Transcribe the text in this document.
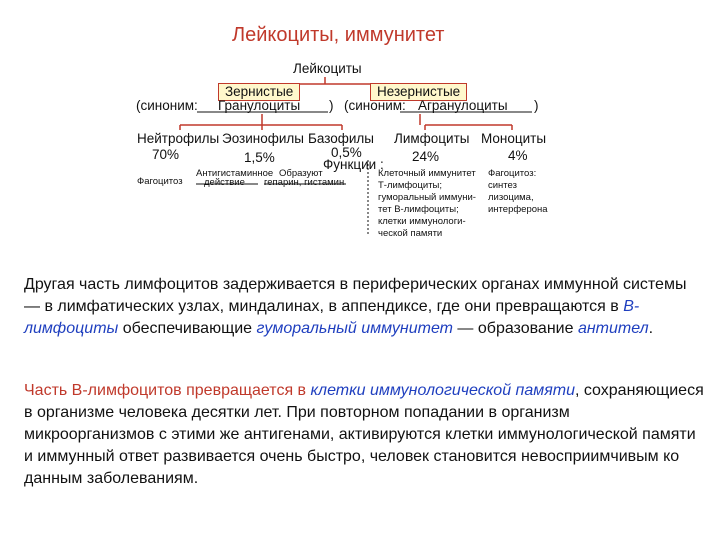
Лейкоциты, иммунитет
Лейкоциты
Зернистые	Незернистые
(синоним: Гранулоциты ) (синоним: Агранулоциты )
Нейтрофилы Эозинофилы Базофилы Лимфоциты Моноциты
70%	1,5%	0,5%	24%	4%
Функции :
Фагоцитоз
Антигистаминное
действие
Образуют
гепарин, гистамин
Клеточный иммунитет
Т-лимфоциты;
гуморальный иммуни-
тет В-лимфоциты;
клетки иммунологи-
ческой памяти
Фагоцитоз:
синтез
лизоцима,
интерферона
Другая часть лимфоцитов задерживается в периферических органах иммунной системы — в лимфатических узлах, миндалинах, в аппендиксе, где они превращаются в В-лимфоциты обеспечивающие гуморальный иммунитет — образование антител.
Часть В-лимфоцитов превращается в клетки иммунологической памяти, сохраняющиеся в организме человека десятки лет. При повторном попадании в организм микроорганизмов с этими же антигенами, активируются клетки иммунологической памяти и иммунный ответ развивается очень быстро, человек становится невосприимчивым ко данным заболеваниям.
